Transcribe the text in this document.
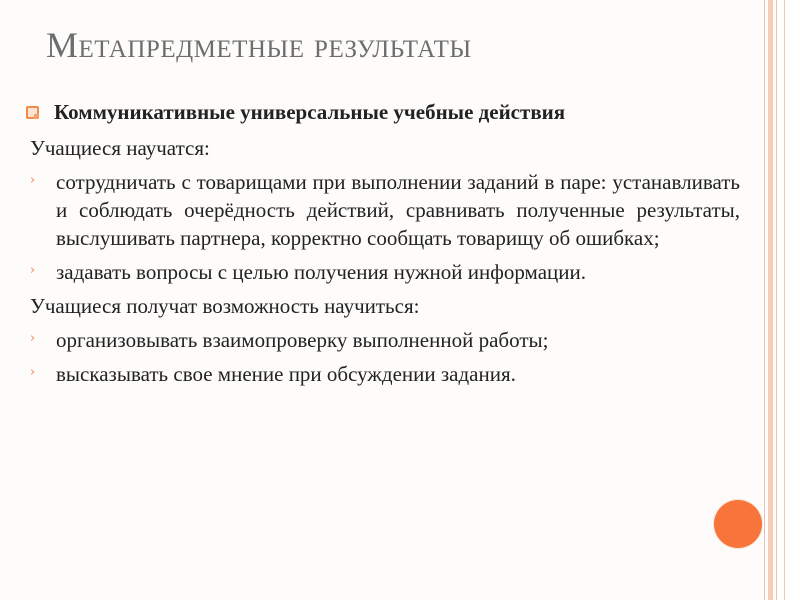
Метапредметные результаты
Коммуникативные универсальные учебные действия
Учащиеся научатся:
› сотрудничать с товарищами при выполнении заданий в паре: устанавливать и соблюдать очерёдность действий, сравнивать полученные результаты, выслушивать партнера, корректно сообщать товарищу об ошибках;
› задавать вопросы с целью получения нужной информации.
Учащиеся получат возможность научиться:
› организовывать взаимопроверку выполненной работы;
› высказывать свое мнение при обсуждении задания.
